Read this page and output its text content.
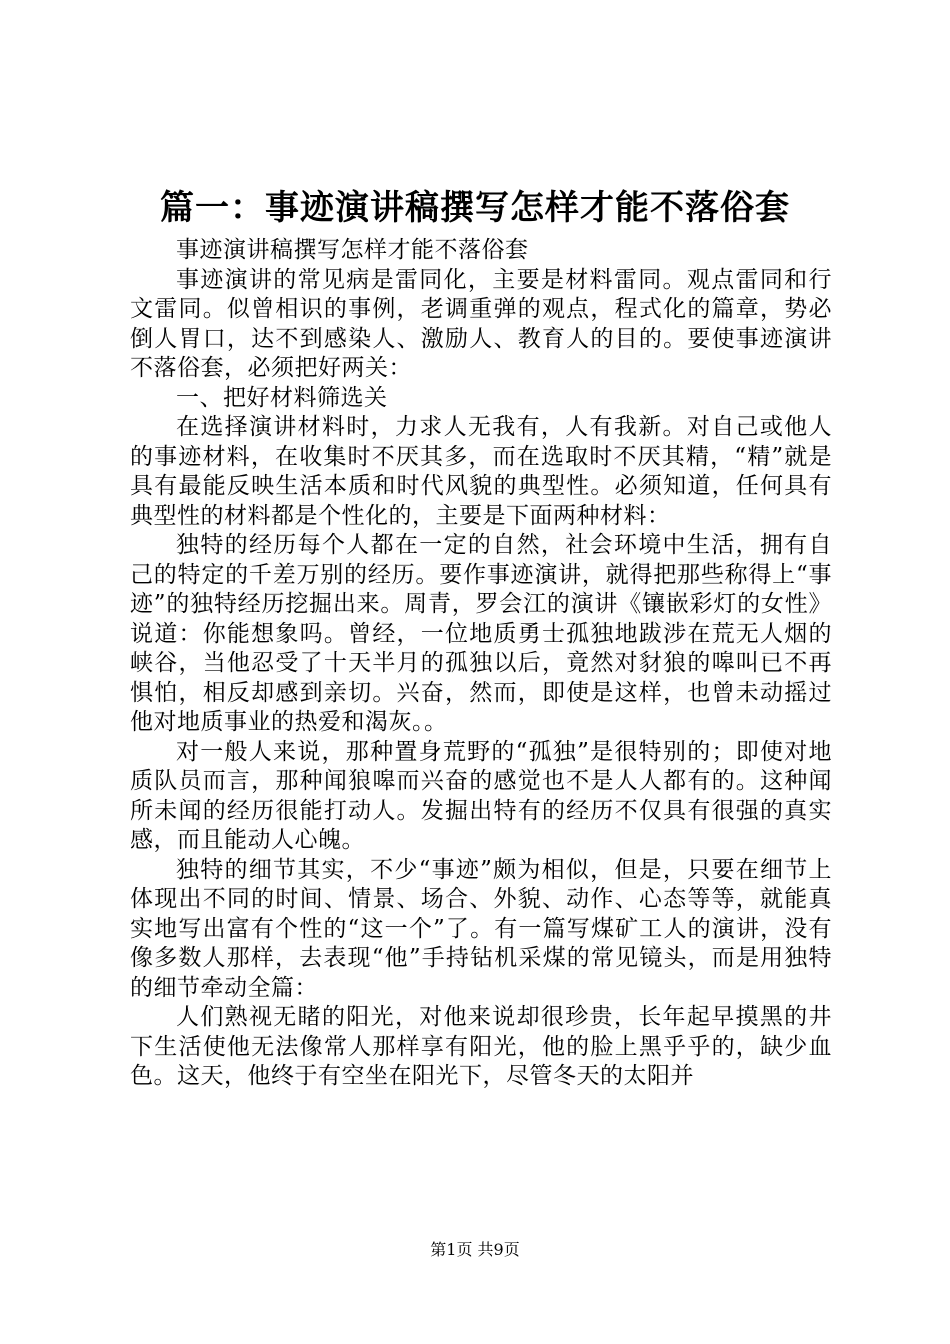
篇一：事迹演讲稿撰写怎样才能不落俗套

事迹演讲稿撰写怎样才能不落俗套

事迹演讲的常见病是雷同化，主要是材料雷同。观点雷同和行文雷同。似曾相识的事例，老调重弹的观点，程式化的篇章，势必倒人胃口，达不到感染人、激励人、教育人的目的。要使事迹演讲不落俗套，必须把好两关：

一、把好材料筛选关

在选择演讲材料时，力求人无我有，人有我新。对自己或他人的事迹材料，在收集时不厌其多，而在选取时不厌其精，“精”就是具有最能反映生活本质和时代风貌的典型性。必须知道，任何具有典型性的材料都是个性化的，主要是下面两种材料：

独特的经历每个人都在一定的自然，社会环境中生活，拥有自己的特定的千差万别的经历。要作事迹演讲，就得把那些称得上“事迹”的独特经历挖掘出来。周青，罗会江的演讲《镶嵌彩灯的女性》说道：你能想象吗。曾经，一位地质勇士孤独地跋涉在荒无人烟的峡谷，当他忍受了十天半月的孤独以后，竟然对豺狼的嗥叫已不再惧怕，相反却感到亲切。兴奋，然而，即使是这样，也曾未动摇过他对地质事业的热爱和渴灰。。

对一般人来说，那种置身荒野的“孤独”是很特别的；即使对地质队员而言，那种闻狼嗥而兴奋的感觉也不是人人都有的。这种闻所未闻的经历很能打动人。发掘出特有的经历不仅具有很强的真实感，而且能动人心魄。

独特的细节其实，不少“事迹”颇为相似，但是，只要在细节上体现出不同的时间、情景、场合、外貌、动作、心态等等，就能真实地写出富有个性的“这一个”了。有一篇写煤矿工人的演讲，没有像多数人那样，去表现“他”手持钻机采煤的常见镜头，而是用独特的细节牵动全篇：

人们熟视无睹的阳光，对他来说却很珍贵，长年起早摸黑的井下生活使他无法像常人那样享有阳光，他的脸上黑乎乎的，缺少血色。这天，他终于有空坐在阳光下，尽管冬天的太阳并

第1页 共9页
